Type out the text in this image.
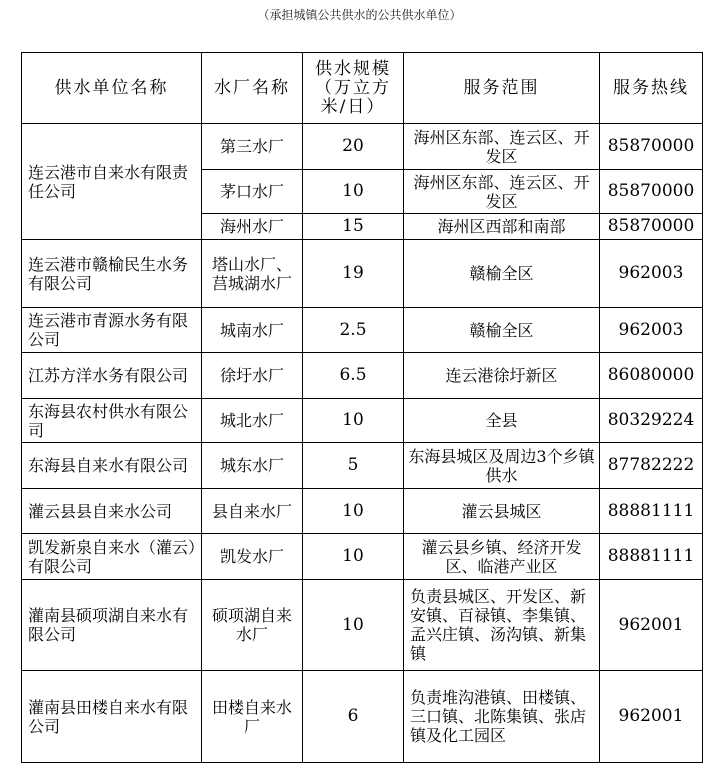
（承担城镇公共供水的公共供水单位）
供水单位名称	水厂名称	供水规模（万立方米/日）	服务范围	服务热线
连云港市自来水有限责任公司	第三水厂	20	海州区东部、连云区、开发区	85870000
	茅口水厂	10	海州区东部、连云区、开发区	85870000
	海州水厂	15	海州区西部和南部	85870000
连云港市赣榆民生水务有限公司	塔山水厂、莒城湖水厂	19	赣榆全区	962003
连云港市青源水务有限公司	城南水厂	2.5	赣榆全区	962003
江苏方洋水务有限公司	徐圩水厂	6.5	连云港徐圩新区	86080000
东海县农村供水有限公司	城北水厂	10	全县	80329224
东海县自来水有限公司	城东水厂	5	东海县城区及周边3个乡镇供水	87782222
灌云县县自来水公司	县自来水厂	10	灌云县城区	88881111
凯发新泉自来水（灌云）有限公司	凯发水厂	10	灌云县乡镇、经济开发区、临港产业区	88881111
灌南县硕项湖自来水有限公司	硕项湖自来水厂	10	负责县城区、开发区、新安镇、百禄镇、李集镇、孟兴庄镇、汤沟镇、新集镇	962001
灌南县田楼自来水有限公司	田楼自来水厂	6	负责堆沟港镇、田楼镇、三口镇、北陈集镇、张店镇及化工园区	962001
